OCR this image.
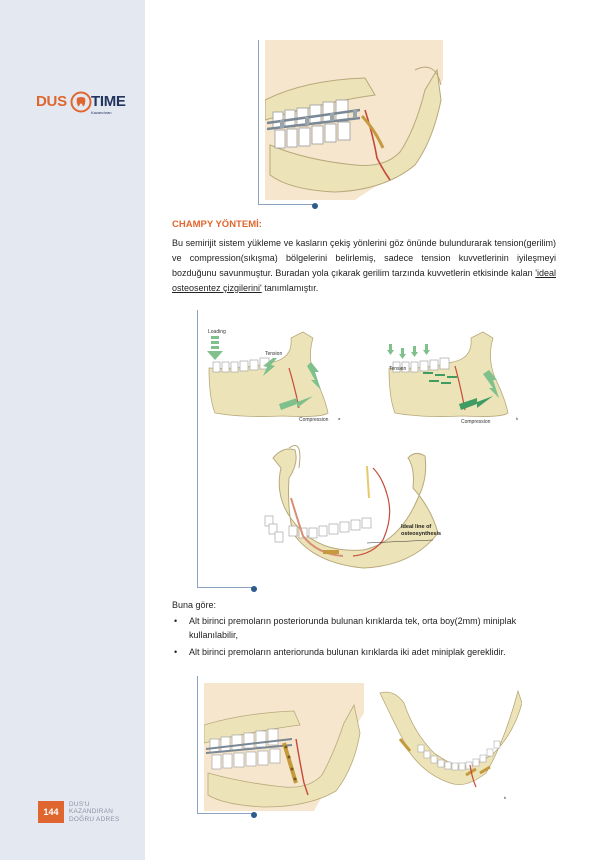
DUS TIME
Kazandıran
144
DUS'U
KAZANDIRAN
DOĞRU ADRES
CHAMPY YÖNTEMİ:
Bu semirijit sistem yükleme ve kasların çekiş yönlerini göz önünde bulundurarak tension(gerilim) ve compression(sıkışma) bölgelerini belirlemiş, sadece tension kuvvetlerinin iyileşmeyi bozduğunu savunmuştur. Buradan yola çıkarak gerilim tarzında kuvvetlerin etkisinde kalan 'ideal osteosentez çizgilerini' tanımlamıştır.
Loading
Tension
Compression a
Tension
Compression
b
Ideal line of
osteosynthesis
Buna göre:
• Alt birinci premoların posteriorunda bulunan kırıklarda tek, orta boy(2mm) miniplak kullanılabilir,
• Alt birinci premoların anteriorunda bulunan kırıklarda iki adet miniplak gereklidir.
b
